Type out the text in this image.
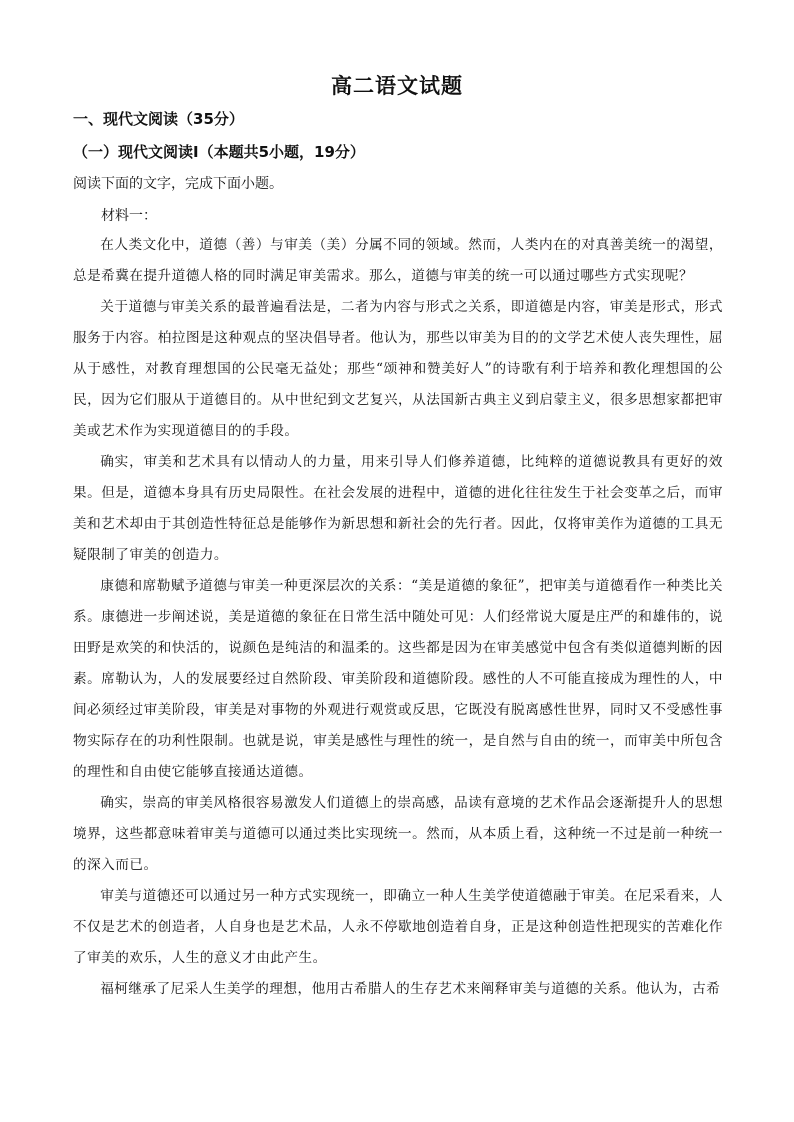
高二语文试题
一、现代文阅读（35分）
（一）现代文阅读Ⅰ（本题共5小题，19分）
阅读下面的文字，完成下面小题。
材料一：

在人类文化中，道德（善）与审美（美）分属不同的领域。然而，人类内在的对真善美统一的渴望，总是希冀在提升道德人格的同时满足审美需求。那么，道德与审美的统一可以通过哪些方式实现呢？

关于道德与审美关系的最普遍看法是，二者为内容与形式之关系，即道德是内容，审美是形式，形式服务于内容。柏拉图是这种观点的坚决倡导者。他认为，那些以审美为目的的文学艺术使人丧失理性，屈从于感性，对教育理想国的公民毫无益处；那些“颂神和赞美好人”的诗歌有利于培养和教化理想国的公民，因为它们服从于道德目的。从中世纪到文艺复兴，从法国新古典主义到启蒙主义，很多思想家都把审美或艺术作为实现道德目的的手段。

确实，审美和艺术具有以情动人的力量，用来引导人们修养道德，比纯粹的道德说教具有更好的效果。但是，道德本身具有历史局限性。在社会发展的进程中，道德的进化往往发生于社会变革之后，而审美和艺术却由于其创造性特征总是能够作为新思想和新社会的先行者。因此，仅将审美作为道德的工具无疑限制了审美的创造力。

康德和席勒赋予道德与审美一种更深层次的关系：“美是道德的象征”，把审美与道德看作一种类比关系。康德进一步阐述说，美是道德的象征在日常生活中随处可见：人们经常说大厦是庄严的和雄伟的，说田野是欢笑的和快活的，说颜色是纯洁的和温柔的。这些都是因为在审美感觉中包含有类似道德判断的因素。席勒认为，人的发展要经过自然阶段、审美阶段和道德阶段。感性的人不可能直接成为理性的人，中间必须经过审美阶段，审美是对事物的外观进行观赏或反思，它既没有脱离感性世界，同时又不受感性事物实际存在的功利性限制。也就是说，审美是感性与理性的统一，是自然与自由的统一，而审美中所包含的理性和自由使它能够直接通达道德。

确实，崇高的审美风格很容易激发人们道德上的崇高感，品读有意境的艺术作品会逐渐提升人的思想境界，这些都意味着审美与道德可以通过类比实现统一。然而，从本质上看，这种统一不过是前一种统一的深入而已。

审美与道德还可以通过另一种方式实现统一，即确立一种人生美学使道德融于审美。在尼采看来，人不仅是艺术的创造者，人自身也是艺术品，人永不停歇地创造着自身，正是这种创造性把现实的苦难化作了审美的欢乐，人生的意义才由此产生。

福柯继承了尼采人生美学的理想，他用古希腊人的生存艺术来阐释审美与道德的关系。他认为，古希
